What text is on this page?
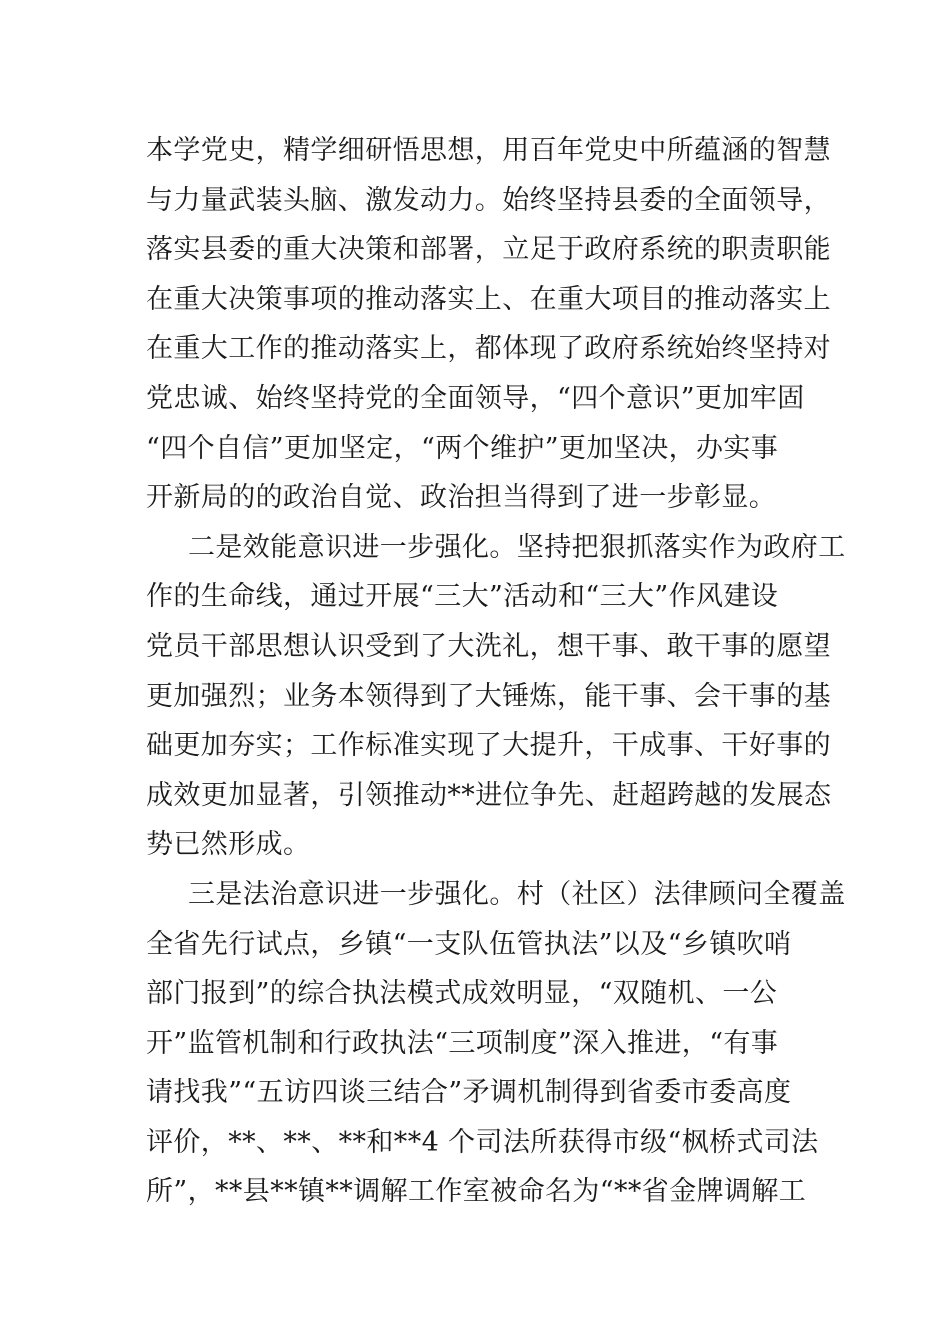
本学党史，精学细研悟思想，用百年党史中所蕴涵的智慧
与力量武装头脑、激发动力。始终坚持县委的全面领导，
落实县委的重大决策和部署，立足于政府系统的职责职能
在重大决策事项的推动落实上、在重大项目的推动落实上
在重大工作的推动落实上，都体现了政府系统始终坚持对
党忠诚、始终坚持党的全面领导，“四个意识”更加牢固
“四个自信”更加坚定，“两个维护”更加坚决，办实事
开新局的的政治自觉、政治担当得到了进一步彰显。
二是效能意识进一步强化。坚持把狠抓落实作为政府工
作的生命线，通过开展“三大”活动和“三大”作风建设
党员干部思想认识受到了大洗礼，想干事、敢干事的愿望
更加强烈；业务本领得到了大锤炼，能干事、会干事的基
础更加夯实；工作标准实现了大提升，干成事、干好事的
成效更加显著，引领推动**进位争先、赶超跨越的发展态
势已然形成。
三是法治意识进一步强化。村（社区）法律顾问全覆盖
全省先行试点，乡镇“一支队伍管执法”以及“乡镇吹哨
部门报到”的综合执法模式成效明显，“双随机、一公
开”监管机制和行政执法“三项制度”深入推进，“有事
请找我”“五访四谈三结合”矛调机制得到省委市委高度
评价，**、**、**和**4 个司法所获得市级“枫桥式司法
所”，**县**镇**调解工作室被命名为“**省金牌调解工
